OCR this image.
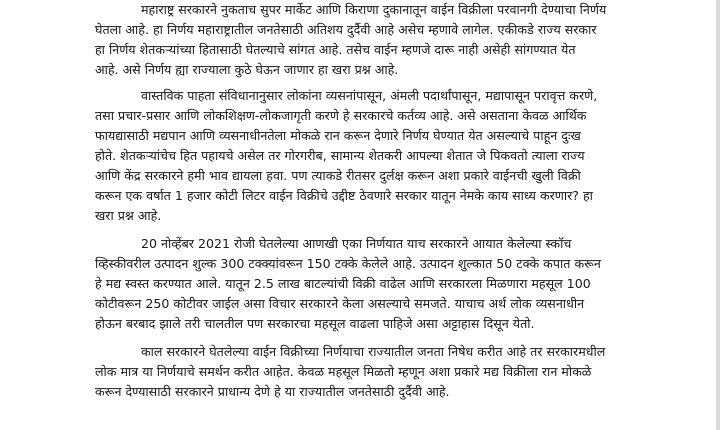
महाराष्ट्र सरकारने नुकताच सुपर मार्केट आणि किराणा दुकानातून वाईन विक्रीला परवानगी देण्याचा निर्णय
घेतला आहे. हा निर्णय महाराष्ट्रातील जनतेसाठी अतिशय दुर्दैवी आहे असेच म्हणावे लागेल. एकीकडे राज्य सरकार
हा निर्णय शेतकऱ्यांच्या हितासाठी घेतल्याचे सांगत आहे. तसेच वाईन म्हणजे दारू नाही असेही सांगण्यात येत
आहे. असे निर्णय ह्या राज्याला कुठे घेऊन जाणार हा खरा प्रश्न आहे.
वास्तविक पाहता संविधानानुसार लोकांना व्यसनांपासून, अंमली पदार्थांपासून, मद्यापासून परावृत्त करणे,
तसा प्रचार-प्रसार आणि लोकशिक्षण-लोकजागृती करणे हे सरकारचे कर्तव्य आहे. असे असताना केवळ आर्थिक
फायद्यासाठी मद्यपान आणि व्यसनाधीनतेला मोकळे रान करून देणारे निर्णय घेण्यात येत असल्याचे पाहून दुःख
होते. शेतकऱ्यांचेच हित पहायचे असेल तर गोरगरीब, सामान्य शेतकरी आपल्या शेतात जे पिकवतो त्याला राज्य
आणि केंद्र सरकारने हमी भाव द्यायला हवा. पण त्याकडे रीतसर दुर्लक्ष करून अशा प्रकारे वाईनची खुली विक्री
करून एक वर्षात 1 हजार कोटी लिटर वाईन विक्रीचे उद्दीष्ट ठेवणारे सरकार यातून नेमके काय साध्य करणार? हा
खरा प्रश्न आहे.
20 नोव्हेंबर 2021 रोजी घेतलेल्या आणखी एका निर्णयात याच सरकारने आयात केलेल्या स्कॉच
व्हिस्कीवरील उत्पादन शुल्क 300 टक्क्यांवरून 150 टक्के केलेले आहे. उत्पादन शुल्कात 50 टक्के कपात करून
हे मद्य स्वस्त करण्यात आले. यातून 2.5 लाख बाटल्यांची विक्री वाढेल आणि सरकारला मिळणारा महसूल 100
कोटीवरून 250 कोटीवर जाईल असा विचार सरकारने केला असल्याचे समजते. याचाच अर्थ लोक व्यसनाधीन
होऊन बरबाद झाले तरी चालतील पण सरकारचा महसूल वाढला पाहिजे असा अट्टाहास दिसून येतो.
काल सरकारने घेतलेल्या वाईन विक्रीच्या निर्णयाचा राज्यातील जनता निषेध करीत आहे तर सरकारमधील
लोक मात्र या निर्णयाचे समर्थन करीत आहेत. केवळ महसूल मिळतो म्हणून अशा प्रकारे मद्य विक्रीला रान मोकळे
करून देण्यासाठी सरकारने प्राधान्य देणे हे या राज्यातील जनतेसाठी दुर्दैवी आहे.
